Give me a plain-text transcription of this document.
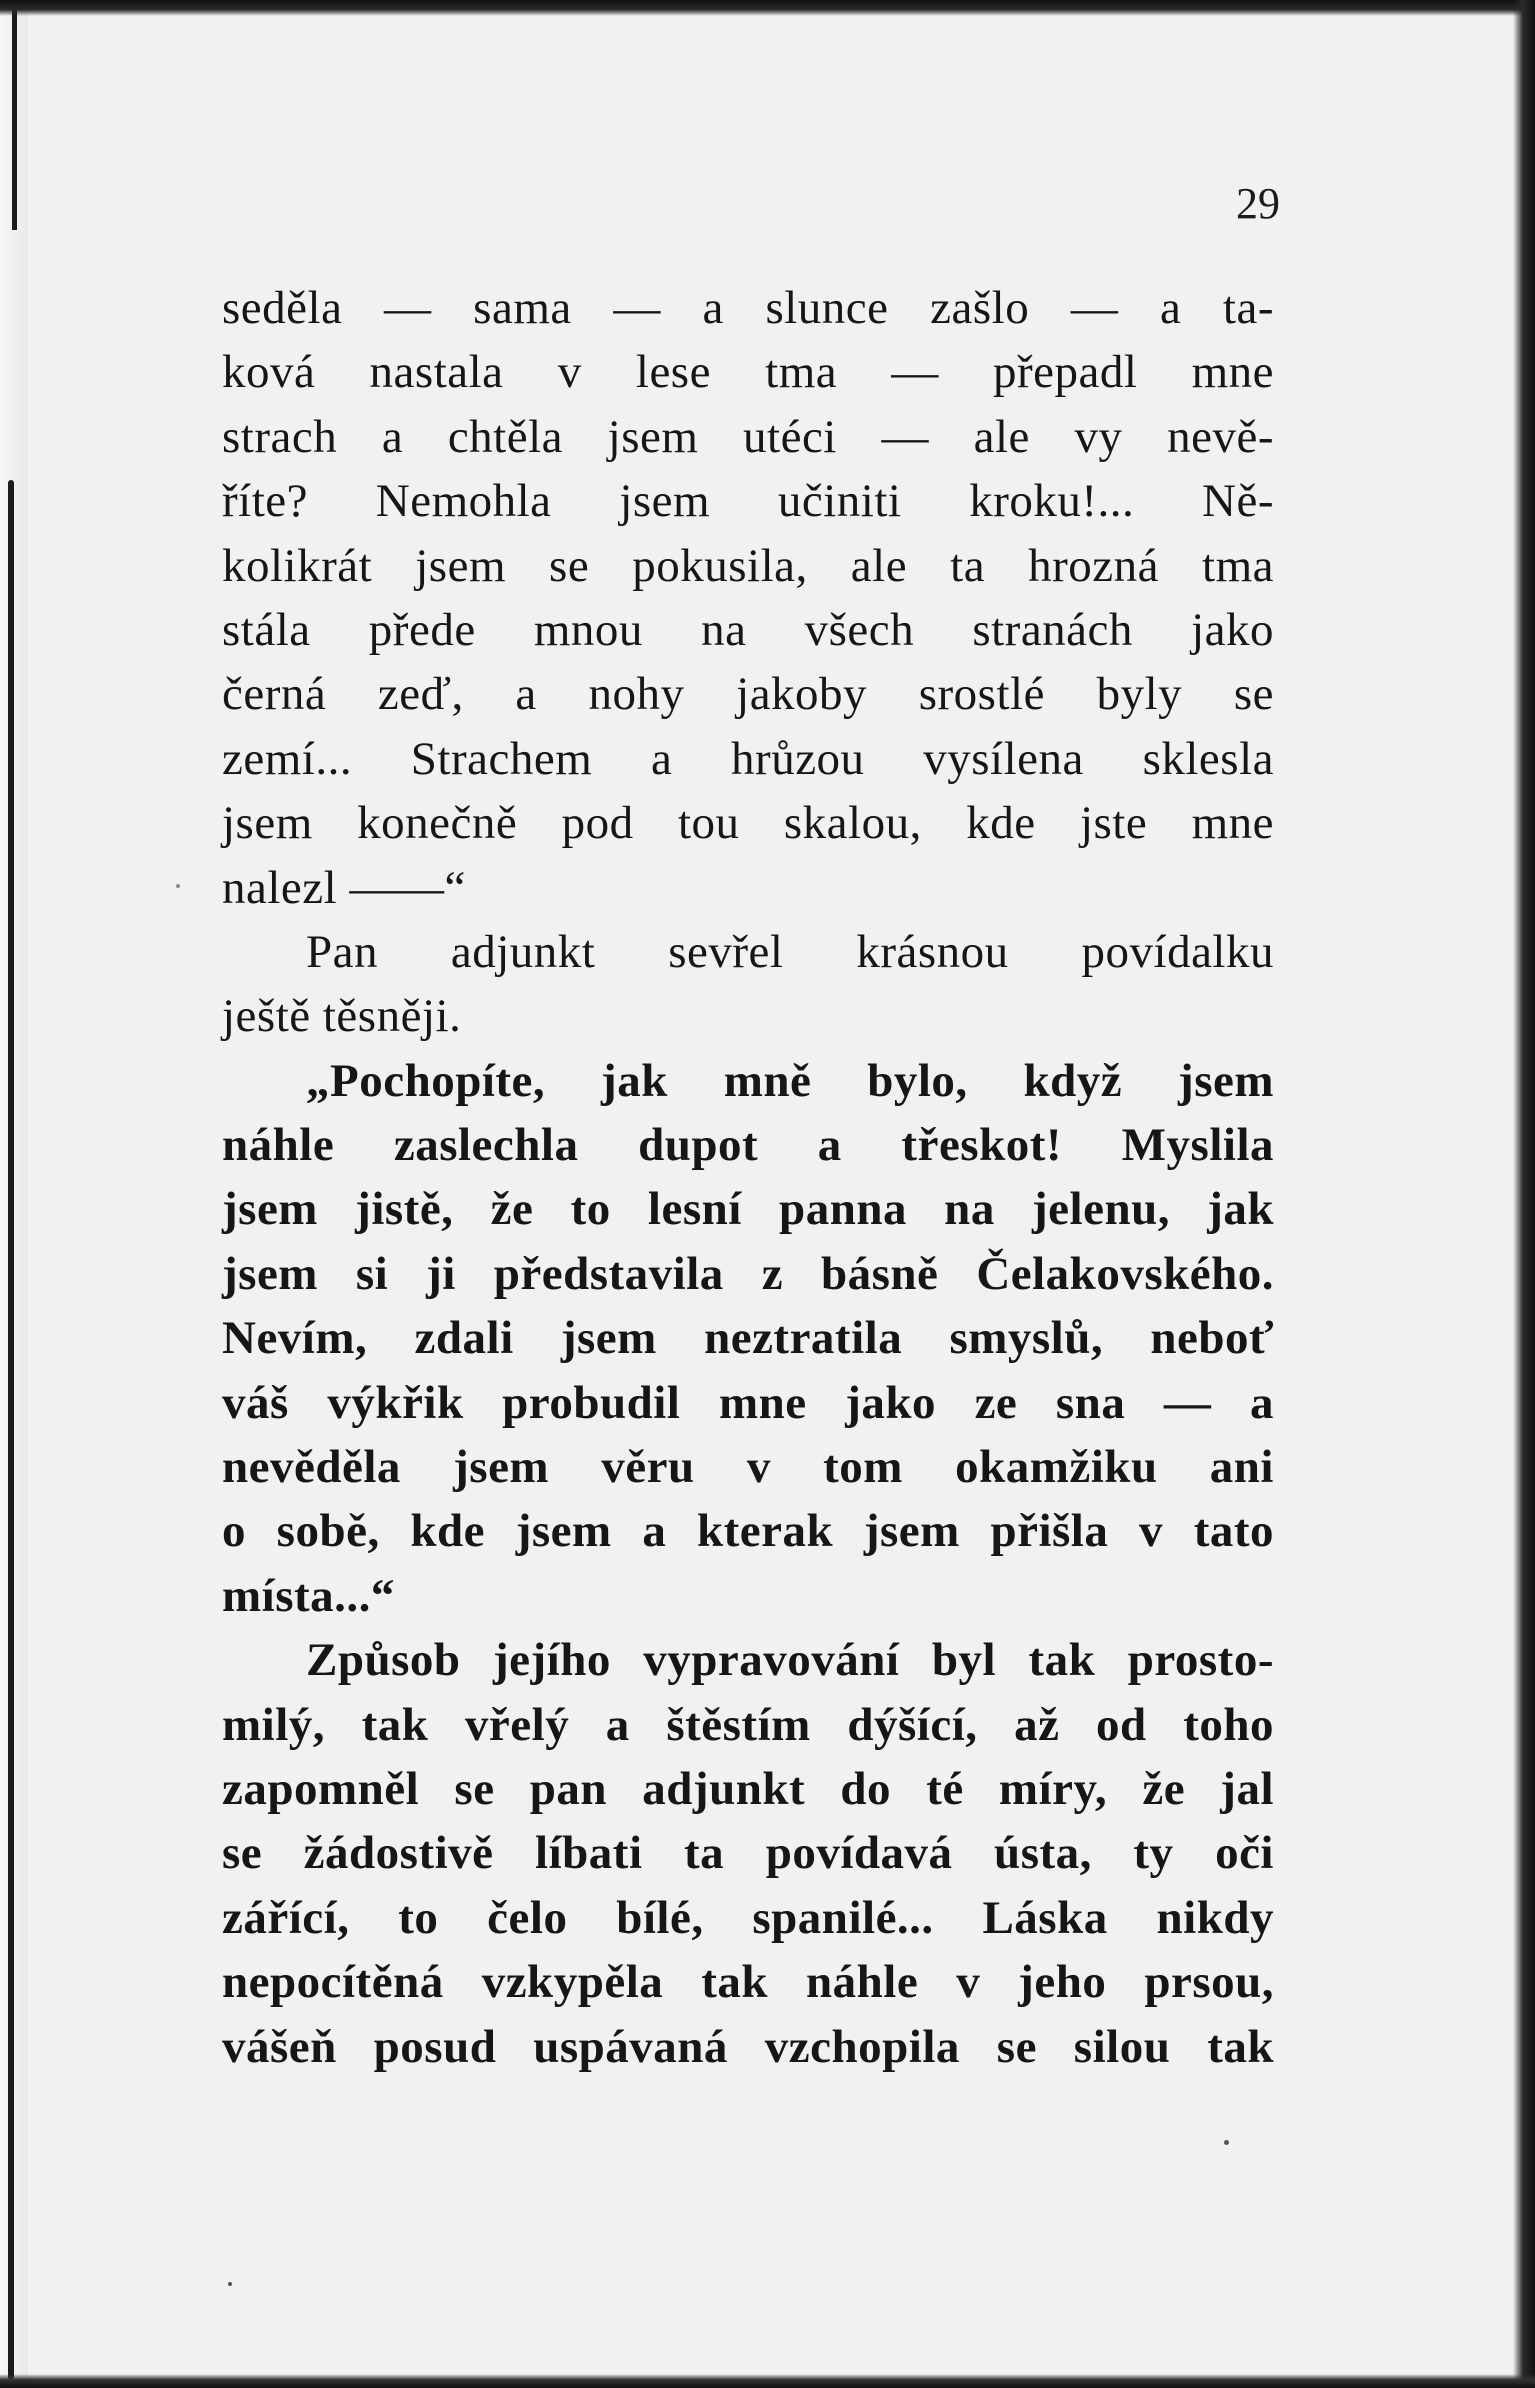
29
seděla — sama — a slunce zašlo — a ta-
ková nastala v lese tma — přepadl mne
strach a chtěla jsem utéci — ale vy nevě-
říte? Nemohla jsem učiniti kroku!... Ně-
kolikrát jsem se pokusila, ale ta hrozná tma
stála přede mnou na všech stranách jako
černá zeď, a nohy jakoby srostlé byly se
zemí... Strachem a hrůzou vysílena sklesla
jsem konečně pod tou skalou, kde jste mne
nalezl ——“
Pan adjunkt sevřel krásnou povídalku
ještě těsněji.
„Pochopíte, jak mně bylo, když jsem
náhle zaslechla dupot a třeskot! Myslila
jsem jistě, že to lesní panna na jelenu, jak
jsem si ji představila z básně Čelakovského.
Nevím, zdali jsem neztratila smyslů, neboť
váš výkřik probudil mne jako ze sna — a
nevěděla jsem věru v tom okamžiku ani
o sobě, kde jsem a kterak jsem přišla v tato
místa...“
Způsob jejího vypravování byl tak prosto-
milý, tak vřelý a štěstím dýšící, až od toho
zapomněl se pan adjunkt do té míry, že jal
se žádostivě líbati ta povídavá ústa, ty oči
zářící, to čelo bílé, spanilé... Láska nikdy
nepocítěná vzkypěla tak náhle v jeho prsou,
vášeň posud uspávaná vzchopila se silou tak
